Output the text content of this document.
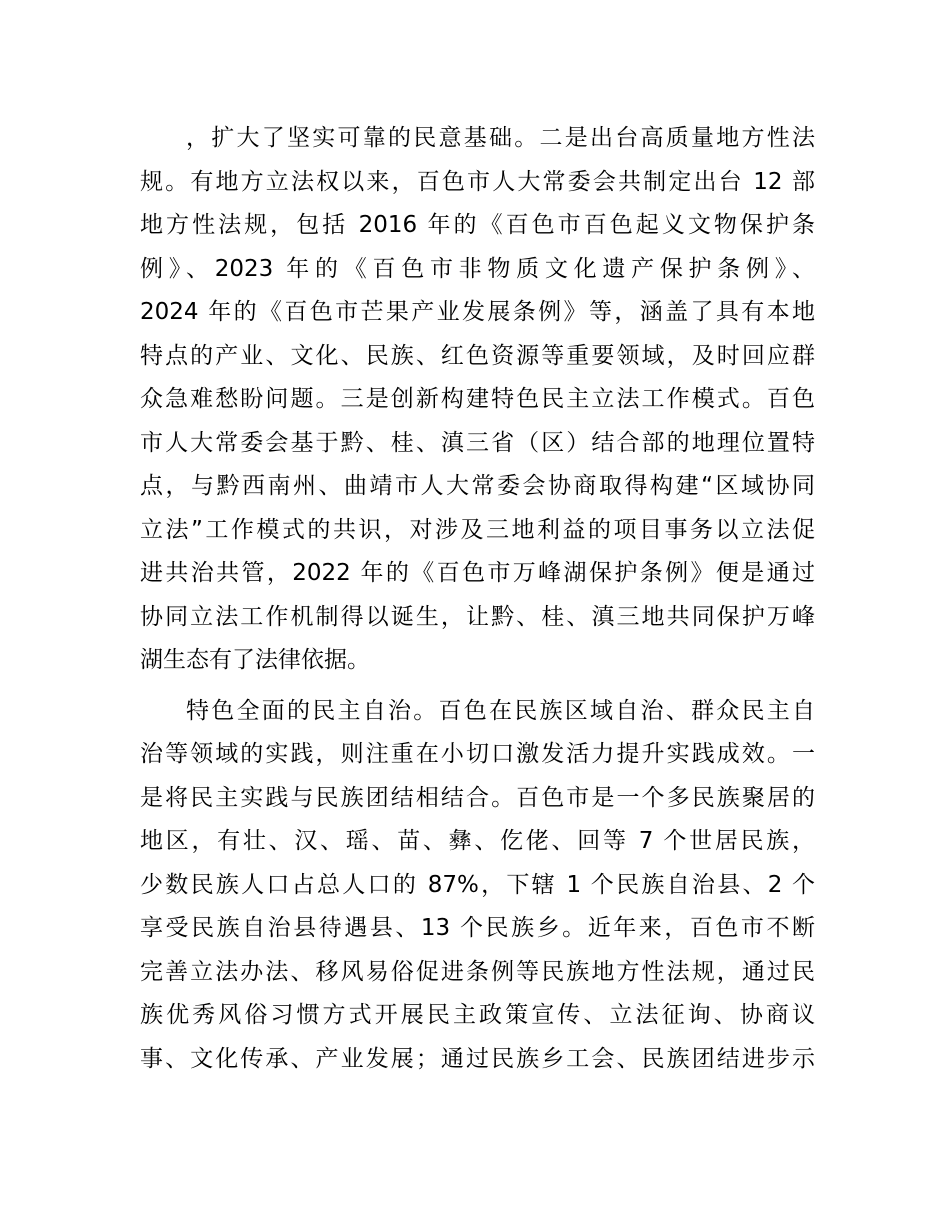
，扩大了坚实可靠的民意基础。二是出台高质量地方性法
规。有地方立法权以来，百色市人大常委会共制定出台 12 部
地方性法规，包括 2016 年的《百色市百色起义文物保护条
例》、2023 年的《百色市非物质文化遗产保护条例》、
2024 年的《百色市芒果产业发展条例》等，涵盖了具有本地
特点的产业、文化、民族、红色资源等重要领域，及时回应群
众急难愁盼问题。三是创新构建特色民主立法工作模式。百色
市人大常委会基于黔、桂、滇三省（区）结合部的地理位置特
点，与黔西南州、曲靖市人大常委会协商取得构建“区域协同
立法”工作模式的共识，对涉及三地利益的项目事务以立法促
进共治共管，2022 年的《百色市万峰湖保护条例》便是通过
协同立法工作机制得以诞生，让黔、桂、滇三地共同保护万峰
湖生态有了法律依据。
特色全面的民主自治。百色在民族区域自治、群众民主自
治等领域的实践，则注重在小切口激发活力提升实践成效。一
是将民主实践与民族团结相结合。百色市是一个多民族聚居的
地区，有壮、汉、瑶、苗、彝、仡佬、回等 7 个世居民族，
少数民族人口占总人口的 87%，下辖 1 个民族自治县、2 个
享受民族自治县待遇县、13 个民族乡。近年来，百色市不断
完善立法办法、移风易俗促进条例等民族地方性法规，通过民
族优秀风俗习惯方式开展民主政策宣传、立法征询、协商议
事、文化传承、产业发展；通过民族乡工会、民族团结进步示
